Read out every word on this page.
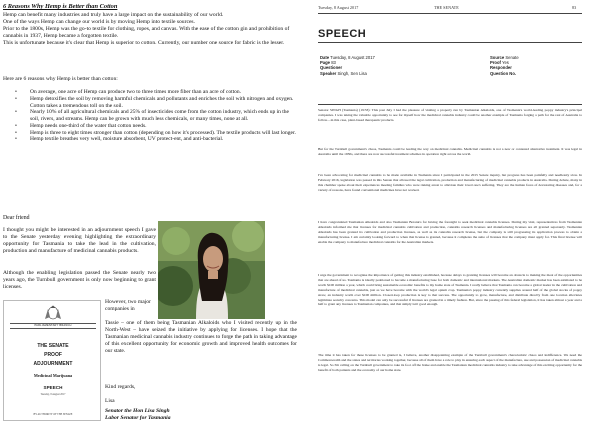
6 Reasons Why Hemp is Better than Cotton

Hemp can benefit many industries and truly have a large impact on the sustainability of our world.

One of the ways Hemp can change our world is by moving Hemp into textile sources.

Prior to the 1800s, Hemp was the go-to textile for clothing, ropes, and canvas. With the ease of the cotton gin and prohibition of cannabis in 1937, Hemp became a forgotten textile.

This is unfortunate because it's clear that Hemp is superior to cotton. Currently, our number one source for fabric is the lesser.

Here are 6 reasons why Hemp is better than cotton:
• On average, one acre of Hemp can produce two to three times more fiber than an acre of cotton.
• Hemp detoxifies the soil by removing harmful chemicals and pollutants and enriches the soil with nitrogen and oxygen. Cotton takes a tremendous toll on the soil.
• Nearly 10% of all agricultural chemicals and 25% of insecticides come from the cotton industry, which ends up in the soil, rivers, and streams. Hemp can be grown with much less chemicals, or many times, none at all.
• Hemp needs one-third of the water that cotton needs.
• Hemp is three to eight times stronger than cotton (depending on how it's processed). The textile products will last longer.
• Hemp textile breathes very well, moisture absorbent, UV protect-ent, and anti-bacterial.
Dear friend
I thought you might be interested in an adjournment speech I gave to the Senate yesterday evening highlighting the extraordinary opportunity for Tasmania to take the lead in the cultivation, production and manufacture of medicinal cannabis products.
Although the enabling legislation passed the Senate nearly two years ago, the Turnbull government is only now beginning to grant licenses.
However, two major companies in
Tassie – one of them being Tasmanian Alkaloids who I visited recently up in the North-West – have seized the initiative by applying for licenses. I hope that the Tasmanian medicinal cannabis industry continues to forge the path in taking advantage of this excellent opportunity for economic growth and improved health outcomes for our state.
Kind regards,
Lisa
Senator the Hon Lisa Singh
Labor Senator for Tasmania
PARLIAMENTARY BRANCH
THE SENATE
PROOF
ADJOURNMENT
Medicinal Marijuana
SPEECH
Tuesday, 8 August 2017
BY AUTHORITY OF THE SENATE
Tuesday, 8 August 2017	THE SENATE	83
SPEECH
Date Tuesday, 8 August 2017
Page 83
Questioner
Speaker Singh, Sen Lisa
Source Senate
Proof Yes
Responder
Question No.
Senator SINGH (Tasmania) (19:33): This past July I had the pleasure of visiting a property run by Tasmanian Alkaloids, one of Tasmania's world-leading poppy industry's principal companies. I was taking the valuable opportunity to see for myself how the medicinal cannabis industry could be another example of Tasmania forging a path for the rest of Australia to follow—in this case, plant-based therapeutic products.
But for the Turnbull government's chaos, Tasmania could be leading the way on medicinal cannabis. Medicinal cannabis is not a new or contested alternative treatment. It was legal in Australia until the 1930s, and there are now successful treatment schemes in operation right across the world.
I've been advocating for medicinal cannabis to be made available in Tasmania since I participated in the 2015 Senate inquiry, but progress has been painfully and needlessly slow. In February 2016, legislation was passed in this Senate that allowed the legal cultivation, production and manufacturing of medicinal cannabis products in Australia. During debate, many in this chamber spoke about their experiences meeting families who were risking arrest to alleviate their loved one's suffering. They are the human faces of devastating diseases and, for a variety of reasons, have found conventional medicines have not worked.
I have congratulated Tasmanian Alkaloids and also Tasmanian Botanics for having the foresight to seek medicinal cannabis licenses. During my visit, representatives from Tasmanian Alkaloids informed me that licenses for medicinal cannabis cultivation and production, cannabis research licenses and manufacturing licenses are all granted separately. Tasmanian Alkaloids has been granted its cultivation and production licenses, as well as its cannabis research license, but the company is still progressing its application process to obtain a manufacturing license. I am certainly looking forward to when that license is granted, because it completes the suite of licenses that the company must apply for. This final license will enable the company to manufacture medicinal cannabis for the Australian markets.
I urge the government to recognise the importance of getting this industry established, because delays to granting licenses will become an obstacle to making the most of the opportunities that are ahead of us. Tasmania is ideally positioned to become a manufacturing base for both domestic and international markets. The Australian domestic market has been estimated to be worth $100 million a year, which could bring sustainable economic benefits to my home state of Tasmania. I really believe that Tasmania can become a global leader in the cultivation and manufacture of medicinal cannabis, just as we have become with the world's legal opium crop. Tasmania's poppy industry currently supplies around half of the global stocks of poppy straw, an industry worth over $100 million. Closed-loop production is key to that success. The opportunity to grow, manufacture, and distribute directly from one location alleviates legitimate security concerns. This model can only be successful if licenses are granted in a timely fashion. But, since the passing of this federal legislation, it has taken almost a year and a half to grant any licenses to Tasmanian companies, and that simply isn't good enough.
The time it has taken for these licenses to be granted is, I believe, another disappointing example of the Turnbull government's characteristic chaos and indifference. We need the Commonwealth and the states and territories working together, because all of them have a role to play in ensuring each aspect of the manufacture, use and possession of medicinal cannabis is legal. So I'm calling on the Turnbull government to take its foot off the brake and enable the Tasmanian medicinal cannabis industry to take advantage of this exciting opportunity for the benefit of both patients and the economy of our home state.
